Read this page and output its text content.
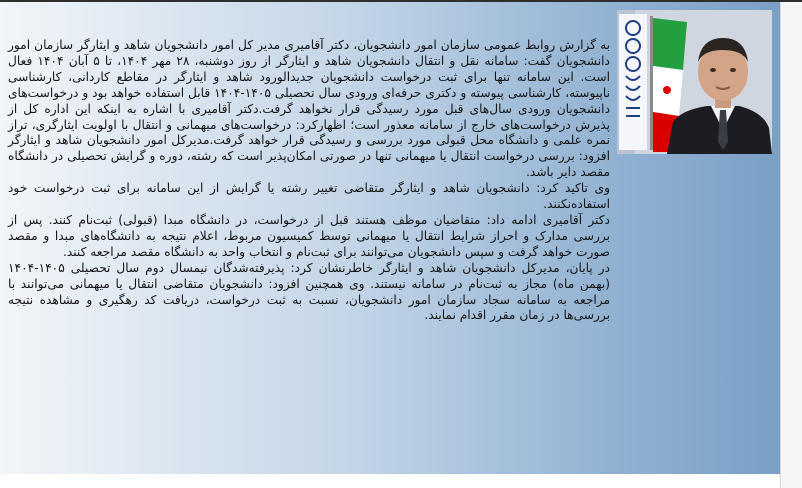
به گزارش روابط عمومی سازمان امور دانشجویان، دکتر آقامیری مدیر کل امور دانشجویان شاهد و ایثارگر سازمان امور دانشجویان گفت: سامانه نقل و انتقال دانشجویان شاهد و ایثارگر از روز دوشنبه، ۲۸ مهر ۱۴۰۴، تا ۵ آبان ۱۴۰۴ فعال است. این سامانه تنها برای ثبت درخواست دانشجویان جدیدالورود شاهد و ایثارگر در مقاطع کاردانی، کارشناسی ناپیوسته، کارشناسی پیوسته و دکتری حرفه‌ای ورودی سال تحصیلی ۱۴۰۵-۱۴۰۴ قابل استفاده خواهد بود و درخواست‌های دانشجویان ورودی سال‌های قبل مورد رسیدگی قرار نخواهد گرفت.دکتر آقامیری با اشاره به اینکه این اداره کل از پذیرش درخواست‌های خارج از سامانه معذور است؛ اظهارکرد: درخواست‌های میهمانی و انتقال با اولویت ایثارگری، تراز نمره علمی و دانشگاه محل قبولی مورد بررسی و رسیدگی قرار خواهد گرفت.مدیرکل امور دانشجویان شاهد و ایثارگر افزود: بررسی درخواست انتقال یا میهمانی تنها در صورتی امکان‌پذیر است که رشته، دوره و گرایش تحصیلی در دانشگاه مقصد دایر باشد.

وی تاکید کرد: دانشجویان شاهد و ایثارگر متقاضی تغییر رشته یا گرایش از این سامانه برای ثبت درخواست خود استفاده‌نکنند.

دکتر آقامیری ادامه داد: متقاضیان موظف هستند قبل از درخواست، در دانشگاه مبدا (قبولی) ثبت‌نام کنند. پس از بررسی مدارک و احراز شرایط انتقال یا میهمانی توسط کمیسیون مربوط، اعلام نتیجه به دانشگاه‌های مبدا و مقصد صورت خواهد گرفت و سپس دانشجویان می‌توانند برای ثبت‌نام و انتخاب واحد به دانشگاه مقصد مراجعه کنند.

در پایان، مدیرکل دانشجویان شاهد و ایثارگر خاطرنشان کرد: پذیرفته‌شدگان نیمسال دوم سال تحصیلی ۱۴۰۵-۱۴۰۴ (بهمن ماه) مجاز به ثبت‌نام در سامانه نیستند. وی همچنین افزود: دانشجویان متقاضی انتقال یا میهمانی می‌توانند با مراجعه به سامانه سجاد سازمان امور دانشجویان، نسبت به ثبت درخواست، دریافت کد رهگیری و مشاهده نتیجه بررسی‌ها در زمان مقرر اقدام نمایند.
